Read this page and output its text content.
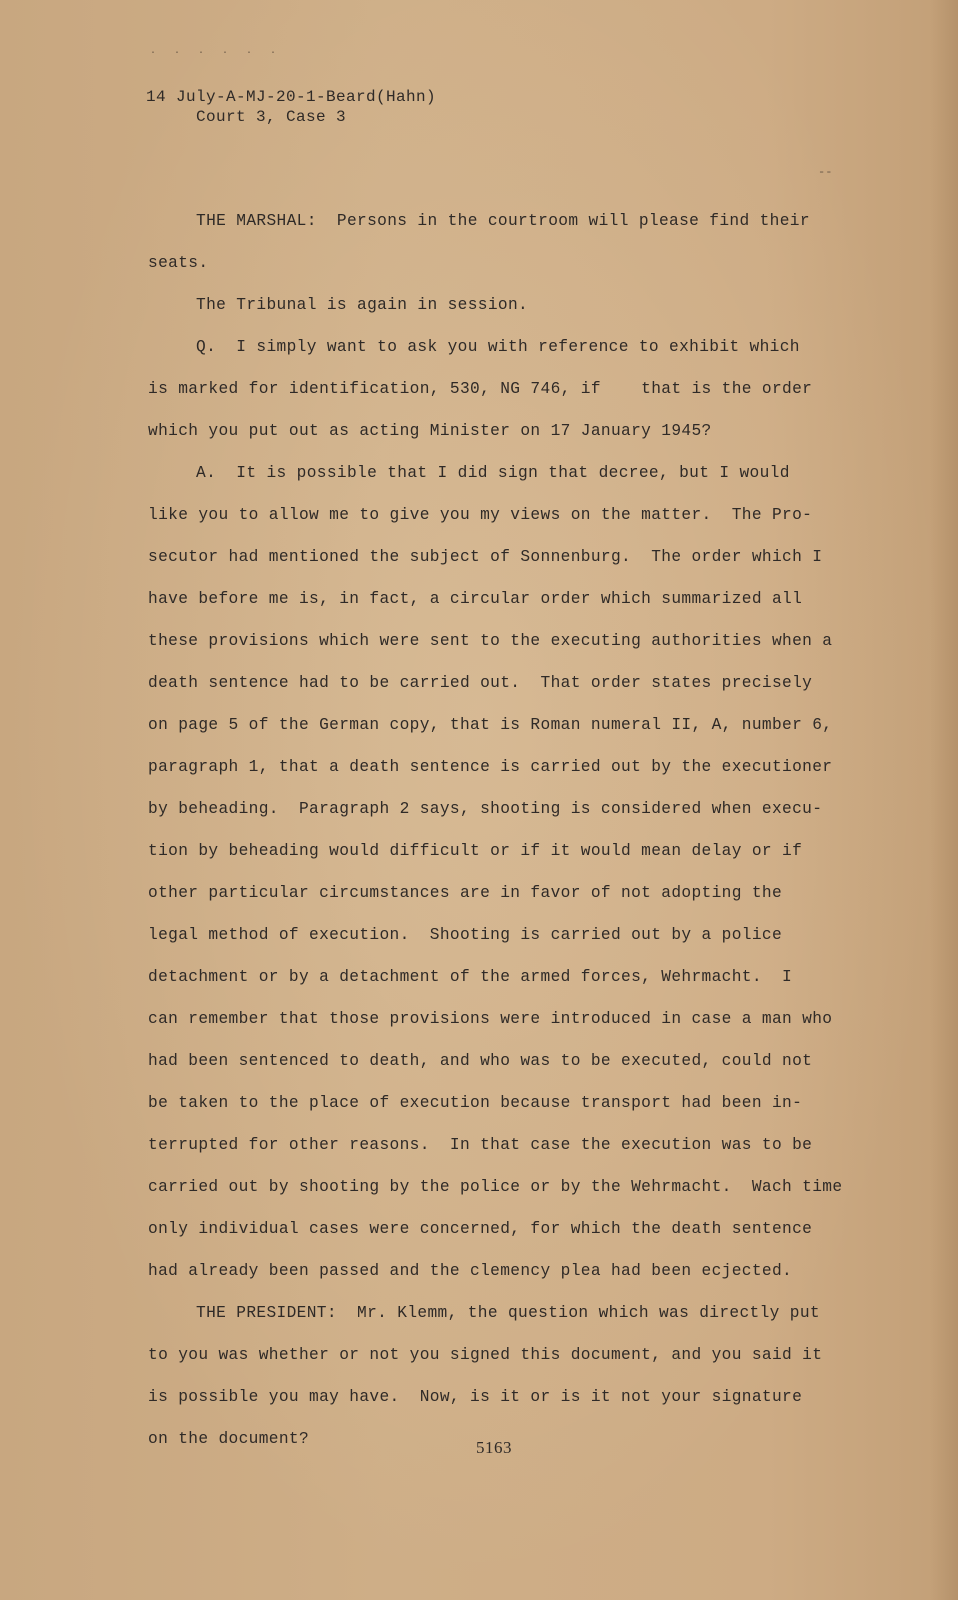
. . . . . .
14 July-A-MJ-20-1-Beard(Hahn)
Court 3, Case 3
--
THE MARSHAL:  Persons in the courtroom will please find their
seats.
The Tribunal is again in session.
Q.  I simply want to ask you with reference to exhibit which
is marked for identification, 530, NG 746, if    that is the order
which you put out as acting Minister on 17 January 1945?
A.  It is possible that I did sign that decree, but I would
like you to allow me to give you my views on the matter.  The Pro-
secutor had mentioned the subject of Sonnenburg.  The order which I
have before me is, in fact, a circular order which summarized all
these provisions which were sent to the executing authorities when a
death sentence had to be carried out.  That order states precisely
on page 5 of the German copy, that is Roman numeral II, A, number 6,
paragraph 1, that a death sentence is carried out by the executioner
by beheading.  Paragraph 2 says, shooting is considered when execu-
tion by beheading would difficult or if it would mean delay or if
other particular circumstances are in favor of not adopting the
legal method of execution.  Shooting is carried out by a police
detachment or by a detachment of the armed forces, Wehrmacht.  I
can remember that those provisions were introduced in case a man who
had been sentenced to death, and who was to be executed, could not
be taken to the place of execution because transport had been in-
terrupted for other reasons.  In that case the execution was to be
carried out by shooting by the police or by the Wehrmacht.  Wach time
only individual cases were concerned, for which the death sentence
had already been passed and the clemency plea had been ecjected.
THE PRESIDENT:  Mr. Klemm, the question which was directly put
to you was whether or not you signed this document, and you said it
is possible you may have.  Now, is it or is it not your signature
on the document?	5163
